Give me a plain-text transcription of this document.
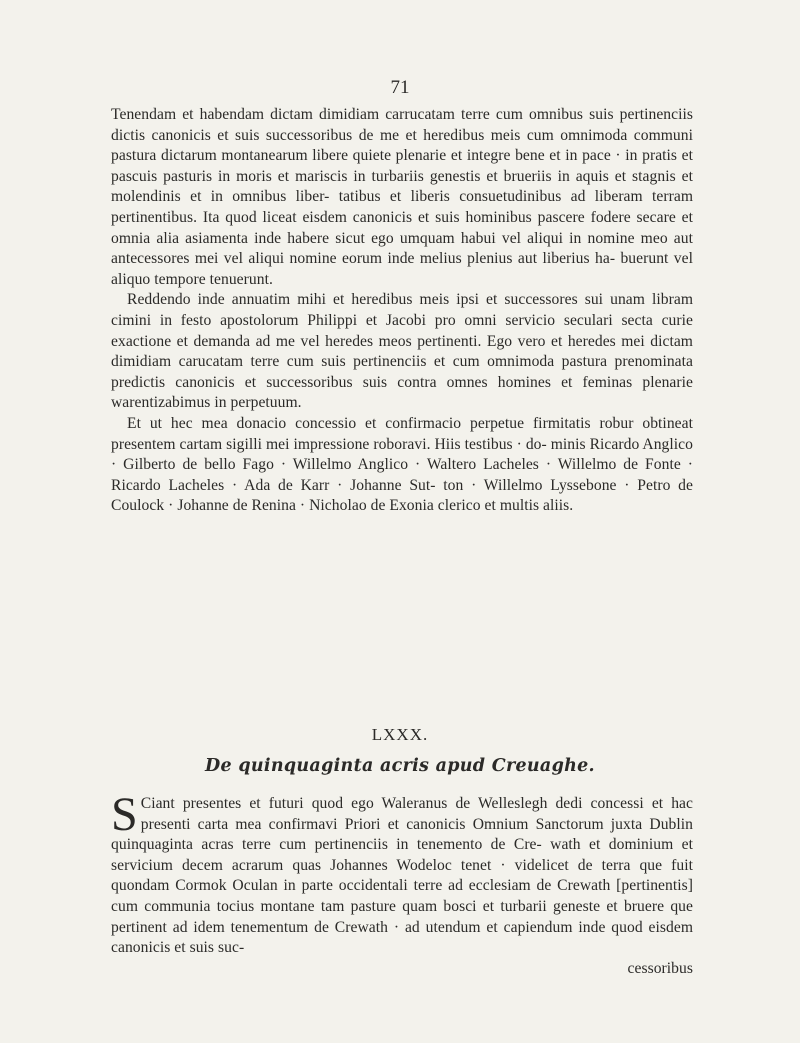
71

Tenendam et habendam dictam dimidiam carrucatam terre cum omnibus suis pertinenciis dictis canonicis et suis successoribus de me et heredibus meis cum omnimoda communi pastura dictarum montanearum libere quiete plenarie et integre bene et in pace · in pratis et pascuis pasturis in moris et mariscis in turbariis genestis et brueriis in aquis et stagnis et molendinis et in omnibus liber- tatibus et liberis consuetudinibus ad liberam terram pertinentibus. Ita quod liceat eisdem canonicis et suis hominibus pascere fodere secare et omnia alia asiamenta inde habere sicut ego umquam habui vel aliqui in nomine meo aut antecessores mei vel aliqui nomine eorum inde melius plenius aut liberius ha- buerunt vel aliquo tempore tenuerunt.

Reddendo inde annuatim mihi et heredibus meis ipsi et successores sui unam libram cimini in festo apostolorum Philippi et Jacobi pro omni servicio seculari secta curie exactione et demanda ad me vel heredes meos pertinenti. Ego vero et heredes mei dictam dimidiam carucatam terre cum suis pertinenciis et cum omnimoda pastura prenominata predictis canonicis et successoribus suis contra omnes homines et feminas plenarie warentizabimus in perpetuum.

Et ut hec mea donacio concessio et confirmacio perpetue firmitatis robur obtineat presentem cartam sigilli mei impressione roboravi. Hiis testibus · do- minis Ricardo Anglico · Gilberto de bello Fago · Willelmo Anglico · Waltero Lacheles · Willelmo de Fonte · Ricardo Lacheles · Ada de Karr · Johanne Sut- ton · Willelmo Lyssebone · Petro de Coulock · Johanne de Renina · Nicholao de Exonia clerico et multis aliis.

LXXX.
De quinquaginta acris apud Creuaghe.

S Ciant presentes et futuri quod ego Waleranus de Welleslegh dedi concessi et hac presenti carta mea confirmavi Priori et canonicis Omnium Sanctorum juxta Dublin quinquaginta acras terre cum pertinenciis in tenemento de Cre- wath et dominium et servicium decem acrarum quas Johannes Wodeloc tenet · videlicet de terra que fuit quondam Cormok Oculan in parte occidentali terre ad ecclesiam de Crewath [pertinentis] cum communia tocius montane tam pasture quam bosci et turbarii geneste et bruere que pertinent ad idem tenementum de Crewath · ad utendum et capiendum inde quod eisdem canonicis et suis suc-

cessoribus
